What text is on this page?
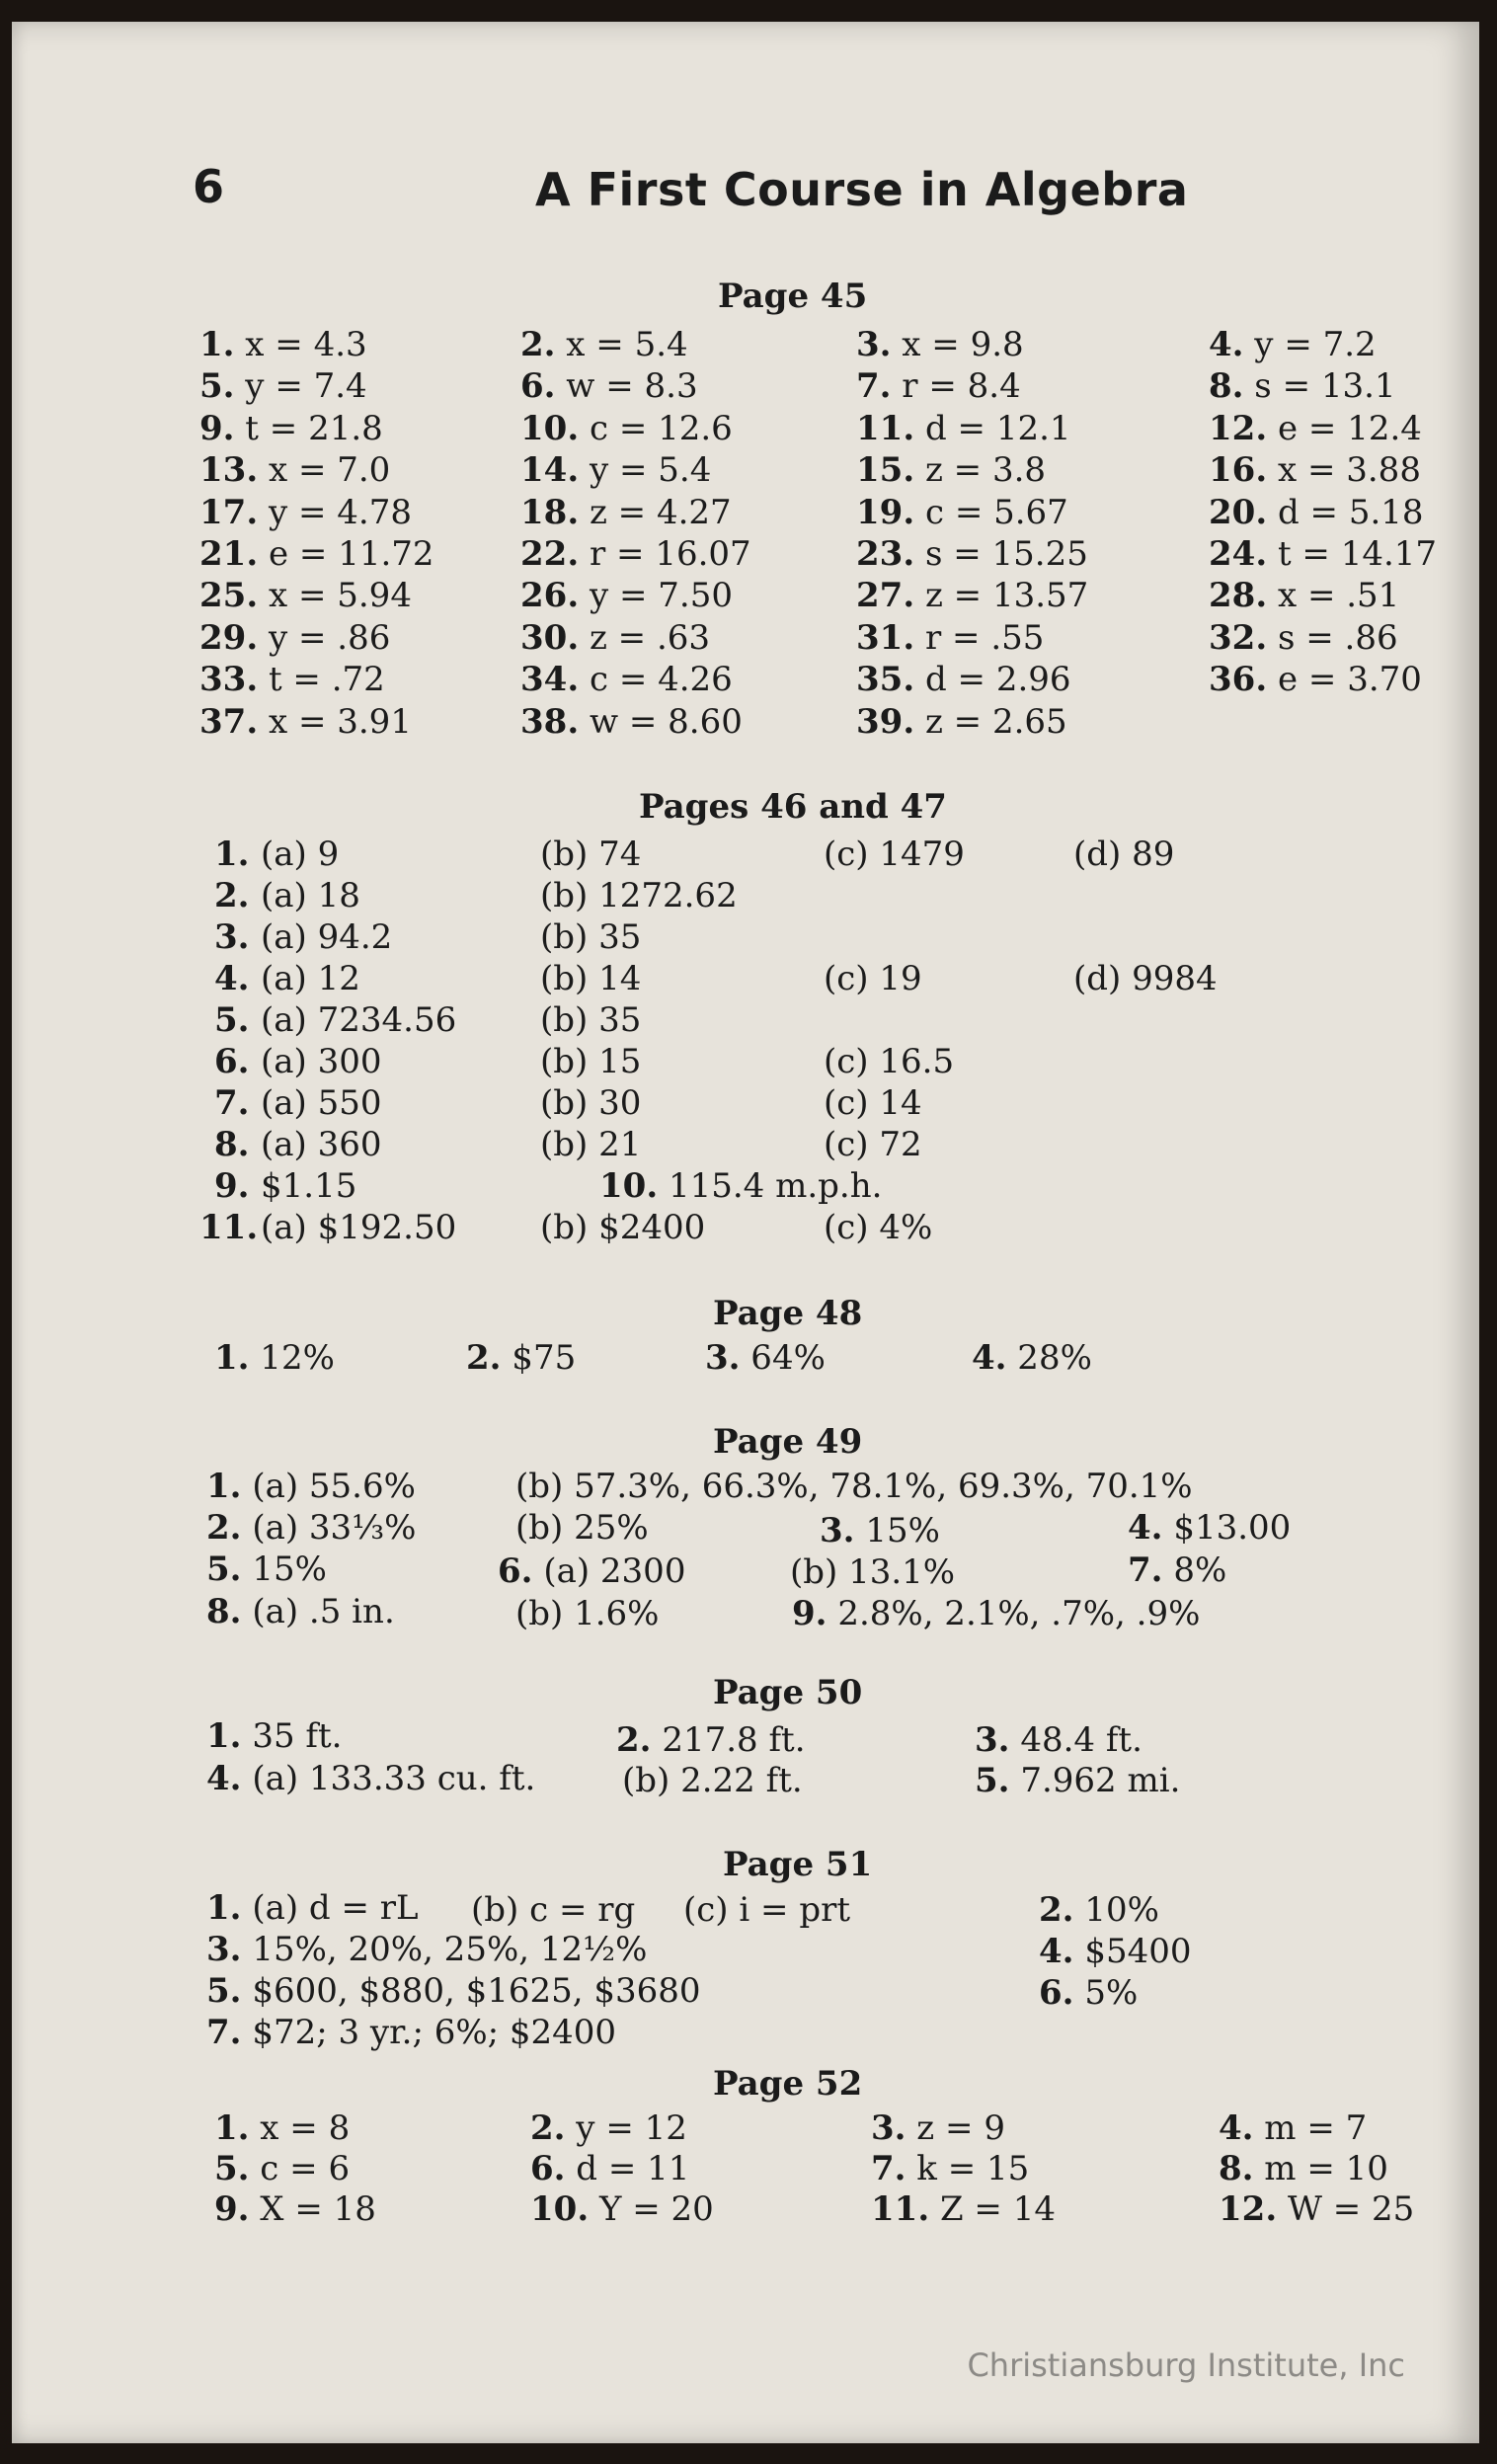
6	A First Course in Algebra
Page 45
Pages 46 and 47
Page 48
Page 49
1. (a) 55.6%	(b) 57.3%, 66.3%, 78.1%, 69.3%, 70.1%
2. (a) 33⅓%	(b) 25%	3. 15%	4. $13.00
5. 15%	6. (a) 2300	(b) 13.1%	7. 8%
8. (a) .5 in.	(b) 1.6%	9. 2.8%, 2.1%, .7%, .9%
Page 50
1. 35 ft.	2. 217.8 ft.	3. 48.4 ft.
4. (a) 133.33 cu. ft.	(b) 2.22 ft.	5. 7.962 mi.
Page 51
1. (a) d = rL (b) c = rg (c) i = prt	2. 10%
3. 15%, 20%, 25%, 12½%	4. $5400
5. $600, $880, $1625, $3680	6. 5%
7. $72; 3 yr.; 6%; $2400
Page 52
Christiansburg Institute, Inc
1. x = 4.3	2. x = 5.4	3. x = 9.8	4. y = 7.2
5. y = 7.4	6. w = 8.3	7. r = 8.4	8. s = 13.1
9. t = 21.8	10. c = 12.6	11. d = 12.1	12. e = 12.4
13. x = 7.0	14. y = 5.4	15. z = 3.8	16. x = 3.88
17. y = 4.78	18. z = 4.27	19. c = 5.67	20. d = 5.18
21. e = 11.72	22. r = 16.07	23. s = 15.25	24. t = 14.17
25. x = 5.94	26. y = 7.50	27. z = 13.57	28. x = .51
29. y = .86	30. z = .63	31. r = .55	32. s = .86
33. t = .72	34. c = 4.26	35. d = 2.96	36. e = 3.70
37. x = 3.91	38. w = 8.60	39. z = 2.65
1. (a) 9	(b) 74	(c) 1479	(d) 89
2. (a) 18	(b) 1272.62
3. (a) 94.2	(b) 35
4. (a) 12	(b) 14	(c) 19	(d) 9984
5. (a) 7234.56 (b) 35
6. (a) 300	(b) 15	(c) 16.5
7. (a) 550	(b) 30	(c) 14
8. (a) 360	(b) 21	(c) 72
9. $1.15	10. 115.4 m.p.h.
11. (a) $192.50 (b) $2400	(c) 4%
1. 12%	2. $75	3. 64%	4. 28%
1. x = 8	2. y = 12	3. z = 9	4. m = 7
5. c = 6	6. d = 11	7. k = 15	8. m = 10
9. X = 18	10. Y = 20	11. Z = 14	12. W = 25
